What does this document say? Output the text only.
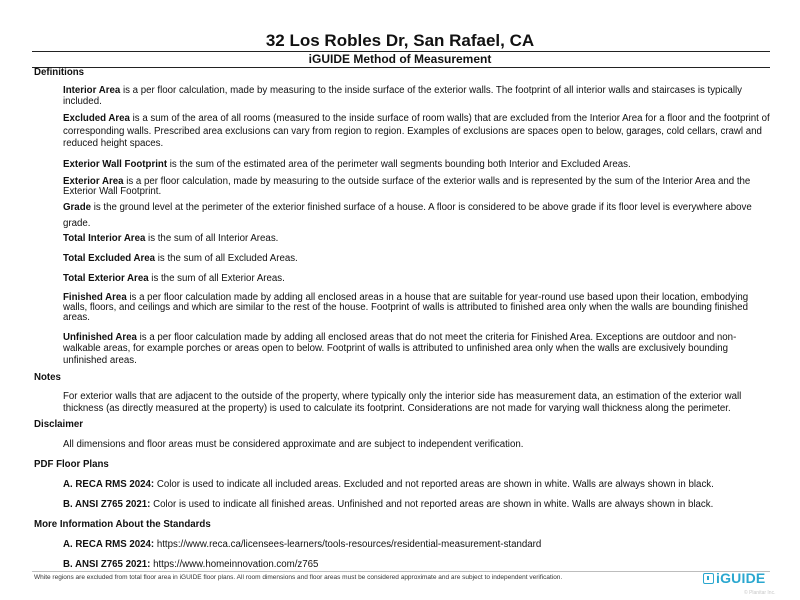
32 Los Robles Dr, San Rafael, CA
iGUIDE Method of Measurement
Definitions

Interior Area is a per floor calculation, made by measuring to the inside surface of the exterior walls. The footprint of all interior walls and staircases is typically included.

Excluded Area is a sum of the area of all rooms (measured to the inside surface of room walls) that are excluded from the Interior Area for a floor and the footprint of corresponding walls. Prescribed area exclusions can vary from region to region. Examples of exclusions are spaces open to below, garages, cold cellars, crawl and reduced height spaces.

Exterior Wall Footprint is the sum of the estimated area of the perimeter wall segments bounding both Interior and Excluded Areas.

Exterior Area is a per floor calculation, made by measuring to the outside surface of the exterior walls and is represented by the sum of the Interior Area and the Exterior Wall Footprint.

Grade is the ground level at the perimeter of the exterior finished surface of a house. A floor is considered to be above grade if its floor level is everywhere above grade.

Total Interior Area is the sum of all Interior Areas.

Total Excluded Area is the sum of all Excluded Areas.

Total Exterior Area is the sum of all Exterior Areas.

Finished Area is a per floor calculation made by adding all enclosed areas in a house that are suitable for year-round use based upon their location, embodying walls, floors, and ceilings and which are similar to the rest of the house. Footprint of walls is attributed to finished area only when the walls are bounding finished areas.

Unfinished Area is a per floor calculation made by adding all enclosed areas that do not meet the criteria for Finished Area. Exceptions are outdoor and non-walkable areas, for example porches or areas open to below. Footprint of walls is attributed to unfinished area only when the walls are exclusively bounding unfinished areas.

Notes

For exterior walls that are adjacent to the outside of the property, where typically only the interior side has measurement data, an estimation of the exterior wall thickness (as directly measured at the property) is used to calculate its footprint. Considerations are not made for varying wall thickness along the perimeter.

Disclaimer

All dimensions and floor areas must be considered approximate and are subject to independent verification.

PDF Floor Plans

A. RECA RMS 2024: Color is used to indicate all included areas. Excluded and not reported areas are shown in white. Walls are always shown in black.

B. ANSI Z765 2021: Color is used to indicate all finished areas. Unfinished and not reported areas are shown in white. Walls are always shown in black.

More Information About the Standards

A. RECA RMS 2024: https://www.reca.ca/licensees-learners/tools-resources/residential-measurement-standard

B. ANSI Z765 2021: https://www.homeinnovation.com/z765

White regions are excluded from total floor area in iGUIDE floor plans. All room dimensions and floor areas must be considered approximate and are subject to independent verification.	iGUIDE
© Planitar Inc.
